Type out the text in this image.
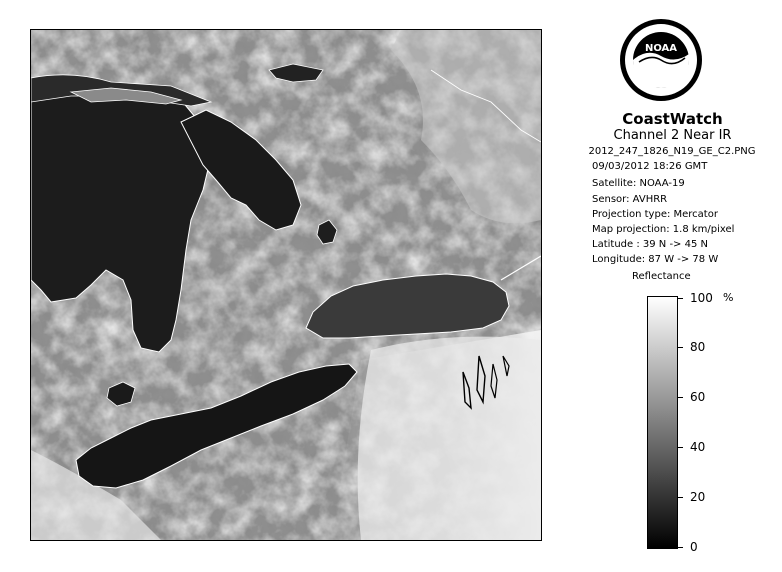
NOAA
CoastWatch
Channel 2 Near IR
2012_247_1826_N19_GE_C2.PNG
09/03/2012 18:26 GMT
Satellite: NOAA-19
Sensor: AVHRR
Projection type: Mercator
Map projection: 1.8 km/pixel
Latitude : 39 N -> 45 N
Longitude: 87 W -> 78 W
Reflectance
%
100
80
60
40
20
0
